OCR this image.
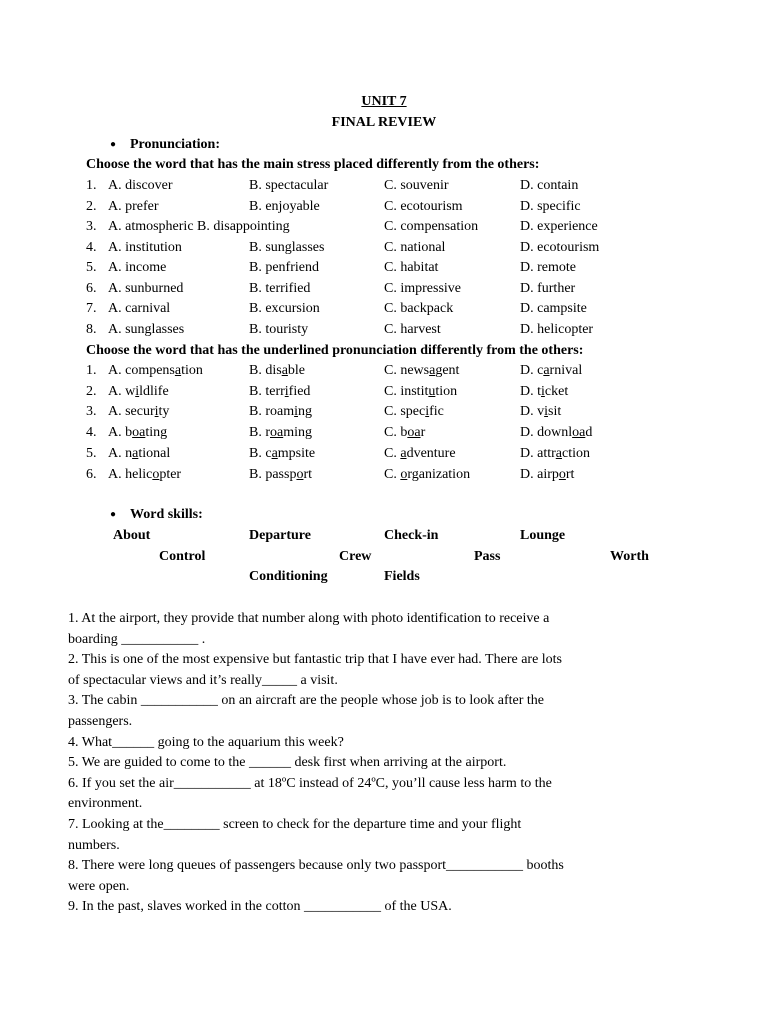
UNIT 7
FINAL REVIEW
● Pronunciation:
Choose the word that has the main stress placed differently from the others:
1. A. discover	B. spectacular	C. souvenir	D. contain
2. A. prefer	B. enjoyable	C. ecotourism	D. specific
3. A. atmospheric B. disappointing	C. compensation	D. experience
4. A. institution	B. sunglasses	C. national	D. ecotourism
5. A. income	B. penfriend	C. habitat	D. remote
6. A. sunburned	B. terrified	C. impressive	D. further
7. A. carnival	B. excursion	C. backpack	D. campsite
8. A. sunglasses	B. touristy	C. harvest	D. helicopter
Choose the word that has the underlined pronunciation differently from the others:
1. A. compensation	B. disable	C. newsagent	D. carnival
2. A. wildlife	B. terrified	C. institution	D. ticket
3. A. security	B. roaming	C. specific	D. visit
4. A. boating	B. roaming	C. boar	D. download
5. A. national	B. campsite	C. adventure	D. attraction
6. A. helicopter	B. passport	C. organization	D. airport
● Word skills:
About	Departure	Check-in	Lounge
Control	Crew	Pass	Worth
Conditioning	Fields
1. At the airport, they provide that number along with photo identification to receive a
boarding ___________ .
2. This is one of the most expensive but fantastic trip that I have ever had. There are lots
of spectacular views and it’s really_____ a visit.
3. The cabin ___________ on an aircraft are the people whose job is to look after the
passengers.
4. What______ going to the aquarium this week?
5. We are guided to come to the ______ desk first when arriving at the airport.
6. If you set the air___________ at 18ºC instead of 24ºC, you’ll cause less harm to the
environment.
7. Looking at the________ screen to check for the departure time and your flight
numbers.
8. There were long queues of passengers because only two passport___________ booths
were open.
9. In the past, slaves worked in the cotton ___________ of the USA.
